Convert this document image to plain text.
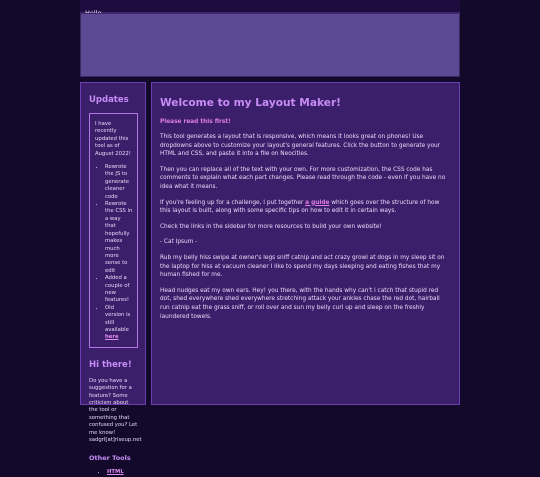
Updates

I have recently updated this tool as of August 2022!

• Rewrote the JS to generate cleaner code
• Rewrote the CSS in a way that hopefully makes much more sense to edit
• Added a couple of new features!
• Old version is still available here
Hi there!

Do you have a suggestion for a feature? Some criticism about the tool or something that confused you? Let me know!

sadgrl[at]riseup.net

Other Tools
• HTML
Welcome to my Layout Maker!
Please read this first!

This tool generates a layout that is responsive, which means it looks great on phones! Use dropdowns above to customize your layout's general features. Click the button to generate your HTML and CSS, and paste it into a file on Neocities.

Then you can replace all of the text with your own. For more customization, the CSS code has comments to explain what each part changes. Please read through the code - even if you have no idea what it means.

If you're feeling up for a challenge, I put together a guide which goes over the structure of how this layout is built, along with some specific tips on how to edit it in certain ways.

Check the links in the sidebar for more resources to build your own website!

- Cat Ipsum -

Rub my belly hiss swipe at owner's legs sniff catnip and act crazy growl at dogs in my sleep sit on the laptop for hiss at vacuum cleaner I like to spend my days sleeping and eating fishes that my human fished for me.

Head nudges eat my own ears. Hey! you there, with the hands why can't i catch that stupid red dot, shed everywhere shed everywhere stretching attack your ankles chase the red dot, hairball run catnip eat the grass sniff, or roll over and sun my belly curl up and sleep on the freshly laundered towels.
